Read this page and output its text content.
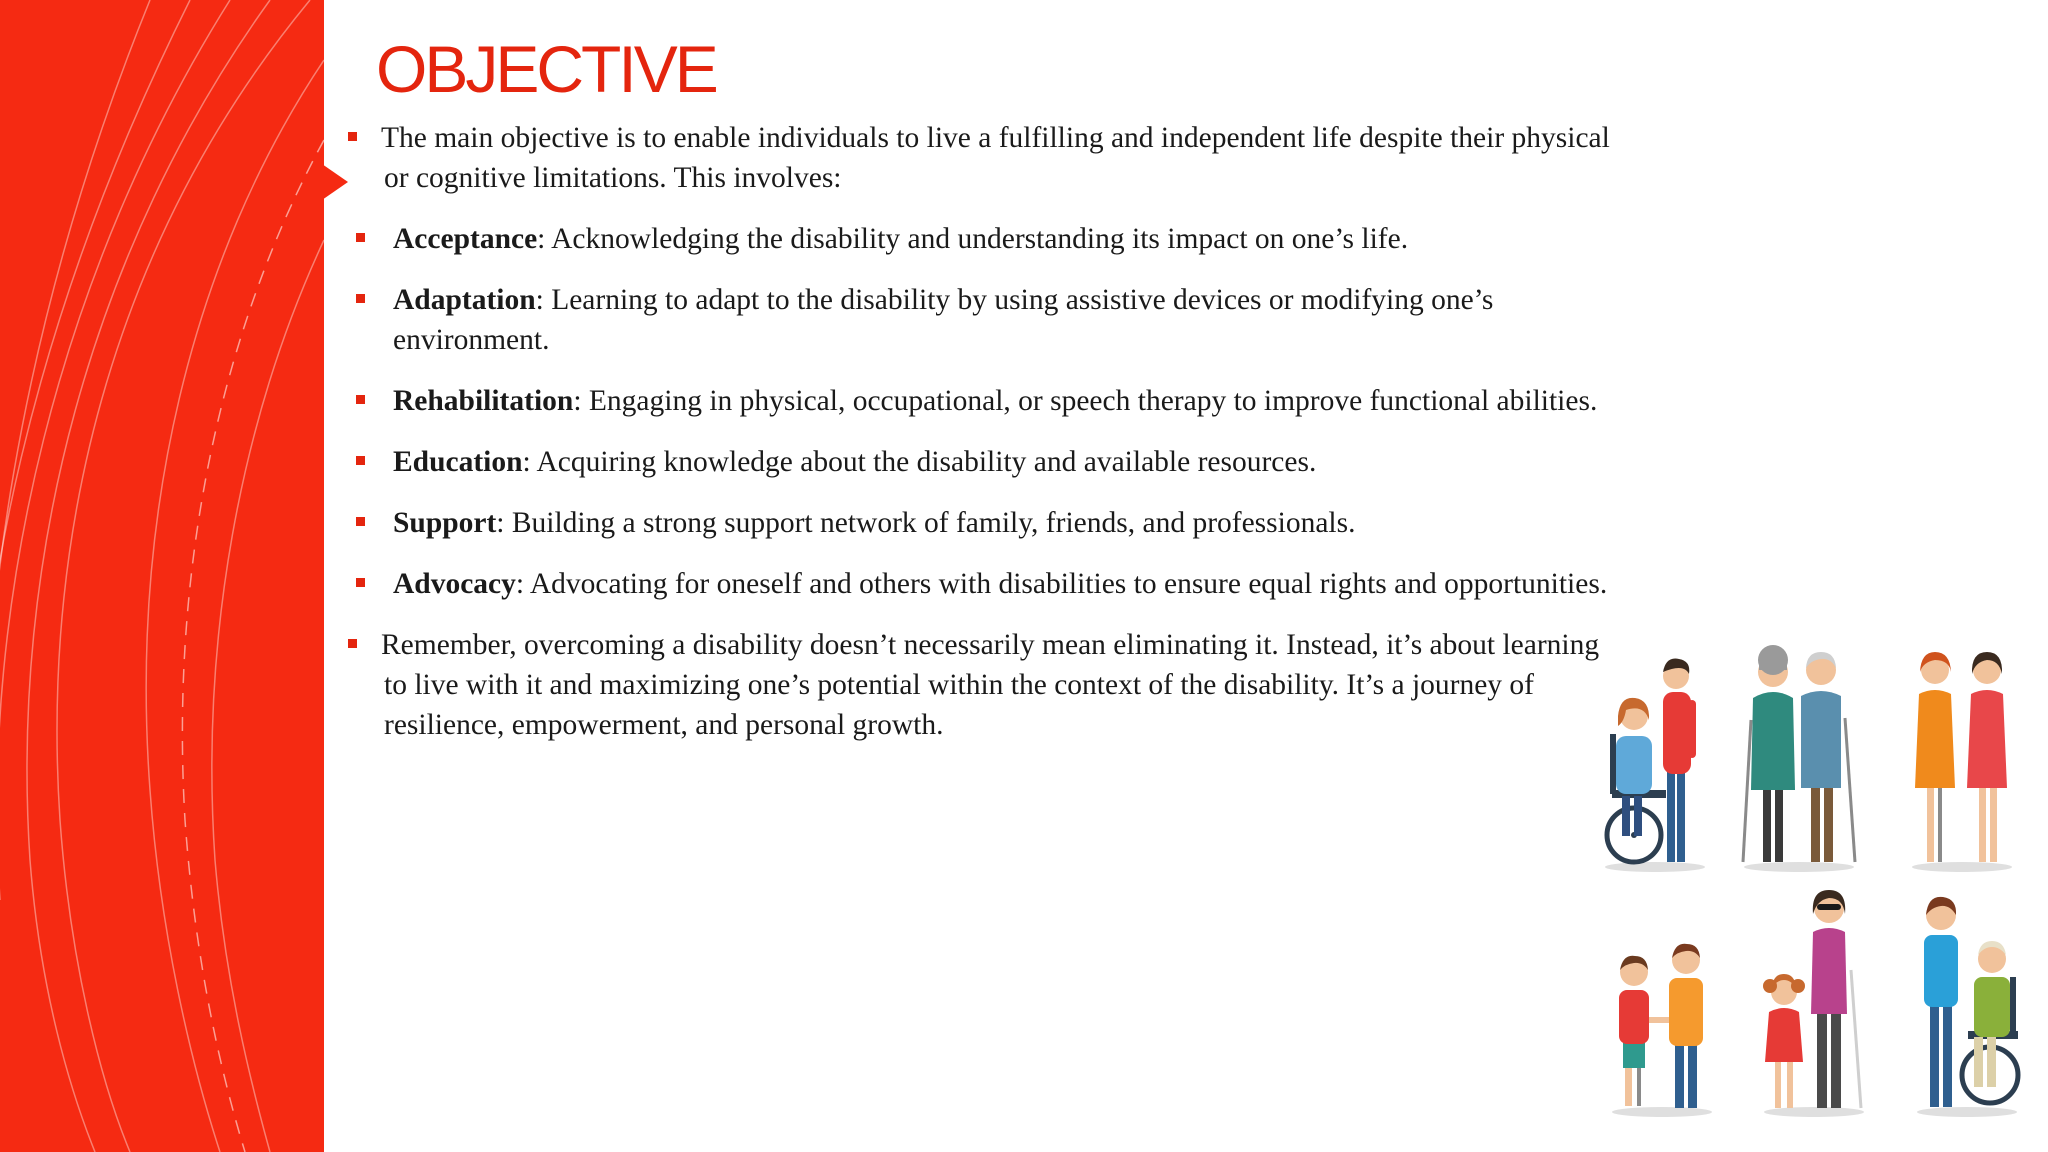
OBJECTIVE
The main objective is to enable individuals to live a fulfilling and independent life despite their physical or cognitive limitations. This involves:
Acceptance: Acknowledging the disability and understanding its impact on one’s life.
Adaptation: Learning to adapt to the disability by using assistive devices or modifying one’s environment.
Rehabilitation: Engaging in physical, occupational, or speech therapy to improve functional abilities.
Education: Acquiring knowledge about the disability and available resources.
Support: Building a strong support network of family, friends, and professionals.
Advocacy: Advocating for oneself and others with disabilities to ensure equal rights and opportunities.
Remember, overcoming a disability doesn’t necessarily mean eliminating it. Instead, it’s about learning to live with it and maximizing one’s potential within the context of the disability. It’s a journey of resilience, empowerment, and personal growth.
